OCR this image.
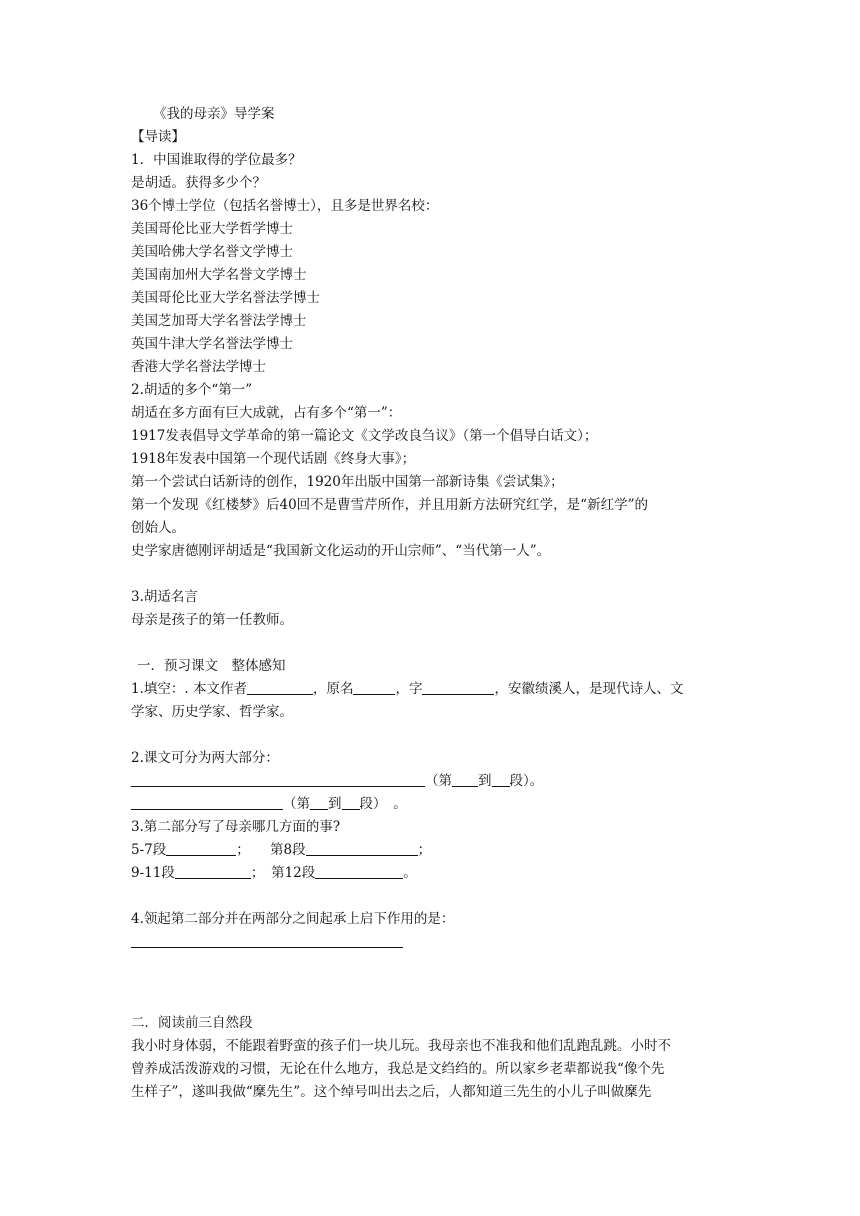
《我的母亲》导学案
【导读】
1．中国谁取得的学位最多？
是胡适。获得多少个？
36个博士学位（包括名誉博士），且多是世界名校：
美国哥伦比亚大学哲学博士
美国哈佛大学名誉文学博士
美国南加州大学名誉文学博士
美国哥伦比亚大学名誉法学博士
美国芝加哥大学名誉法学博士
英国牛津大学名誉法学博士
香港大学名誉法学博士
2.胡适的多个“第一”
胡适在多方面有巨大成就，占有多个“第一”：
1917发表倡导文学革命的第一篇论文《文学改良刍议》（第一个倡导白话文）；
1918年发表中国第一个现代话剧《终身大事》；
第一个尝试白话新诗的创作，1920年出版中国第一部新诗集《尝试集》；
第一个发现《红楼梦》后40回不是曹雪芹所作，并且用新方法研究红学，是“新红学”的
创始人。
史学家唐德刚评胡适是“我国新文化运动的开山宗师”、“当代第一人”。
3.胡适名言
母亲是孩子的第一任教师。
一．预习课文　整体感知
1.填空：. 本文作者	，原名	，字	，安徽绩溪人，是现代诗人、文
学家、历史学家、哲学家。
2.课文可分为两大部分：
（第 到 段）。
（第 到 段）　。
3.第二部分写了母亲哪几方面的事?
5-7段	；　　第8段	；
9-11段	；　第12段	。
4.领起第二部分并在两部分之间起承上启下作用的是：
二．阅读前三自然段
我小时身体弱，不能跟着野蛮的孩子们一块儿玩。我母亲也不准我和他们乱跑乱跳。小时不
曾养成活泼游戏的习惯，无论在什么地方，我总是文绉绉的。所以家乡老辈都说我“像个先
生样子”，遂叫我做“穈先生”。这个绰号叫出去之后，人都知道三先生的小儿子叫做穈先
